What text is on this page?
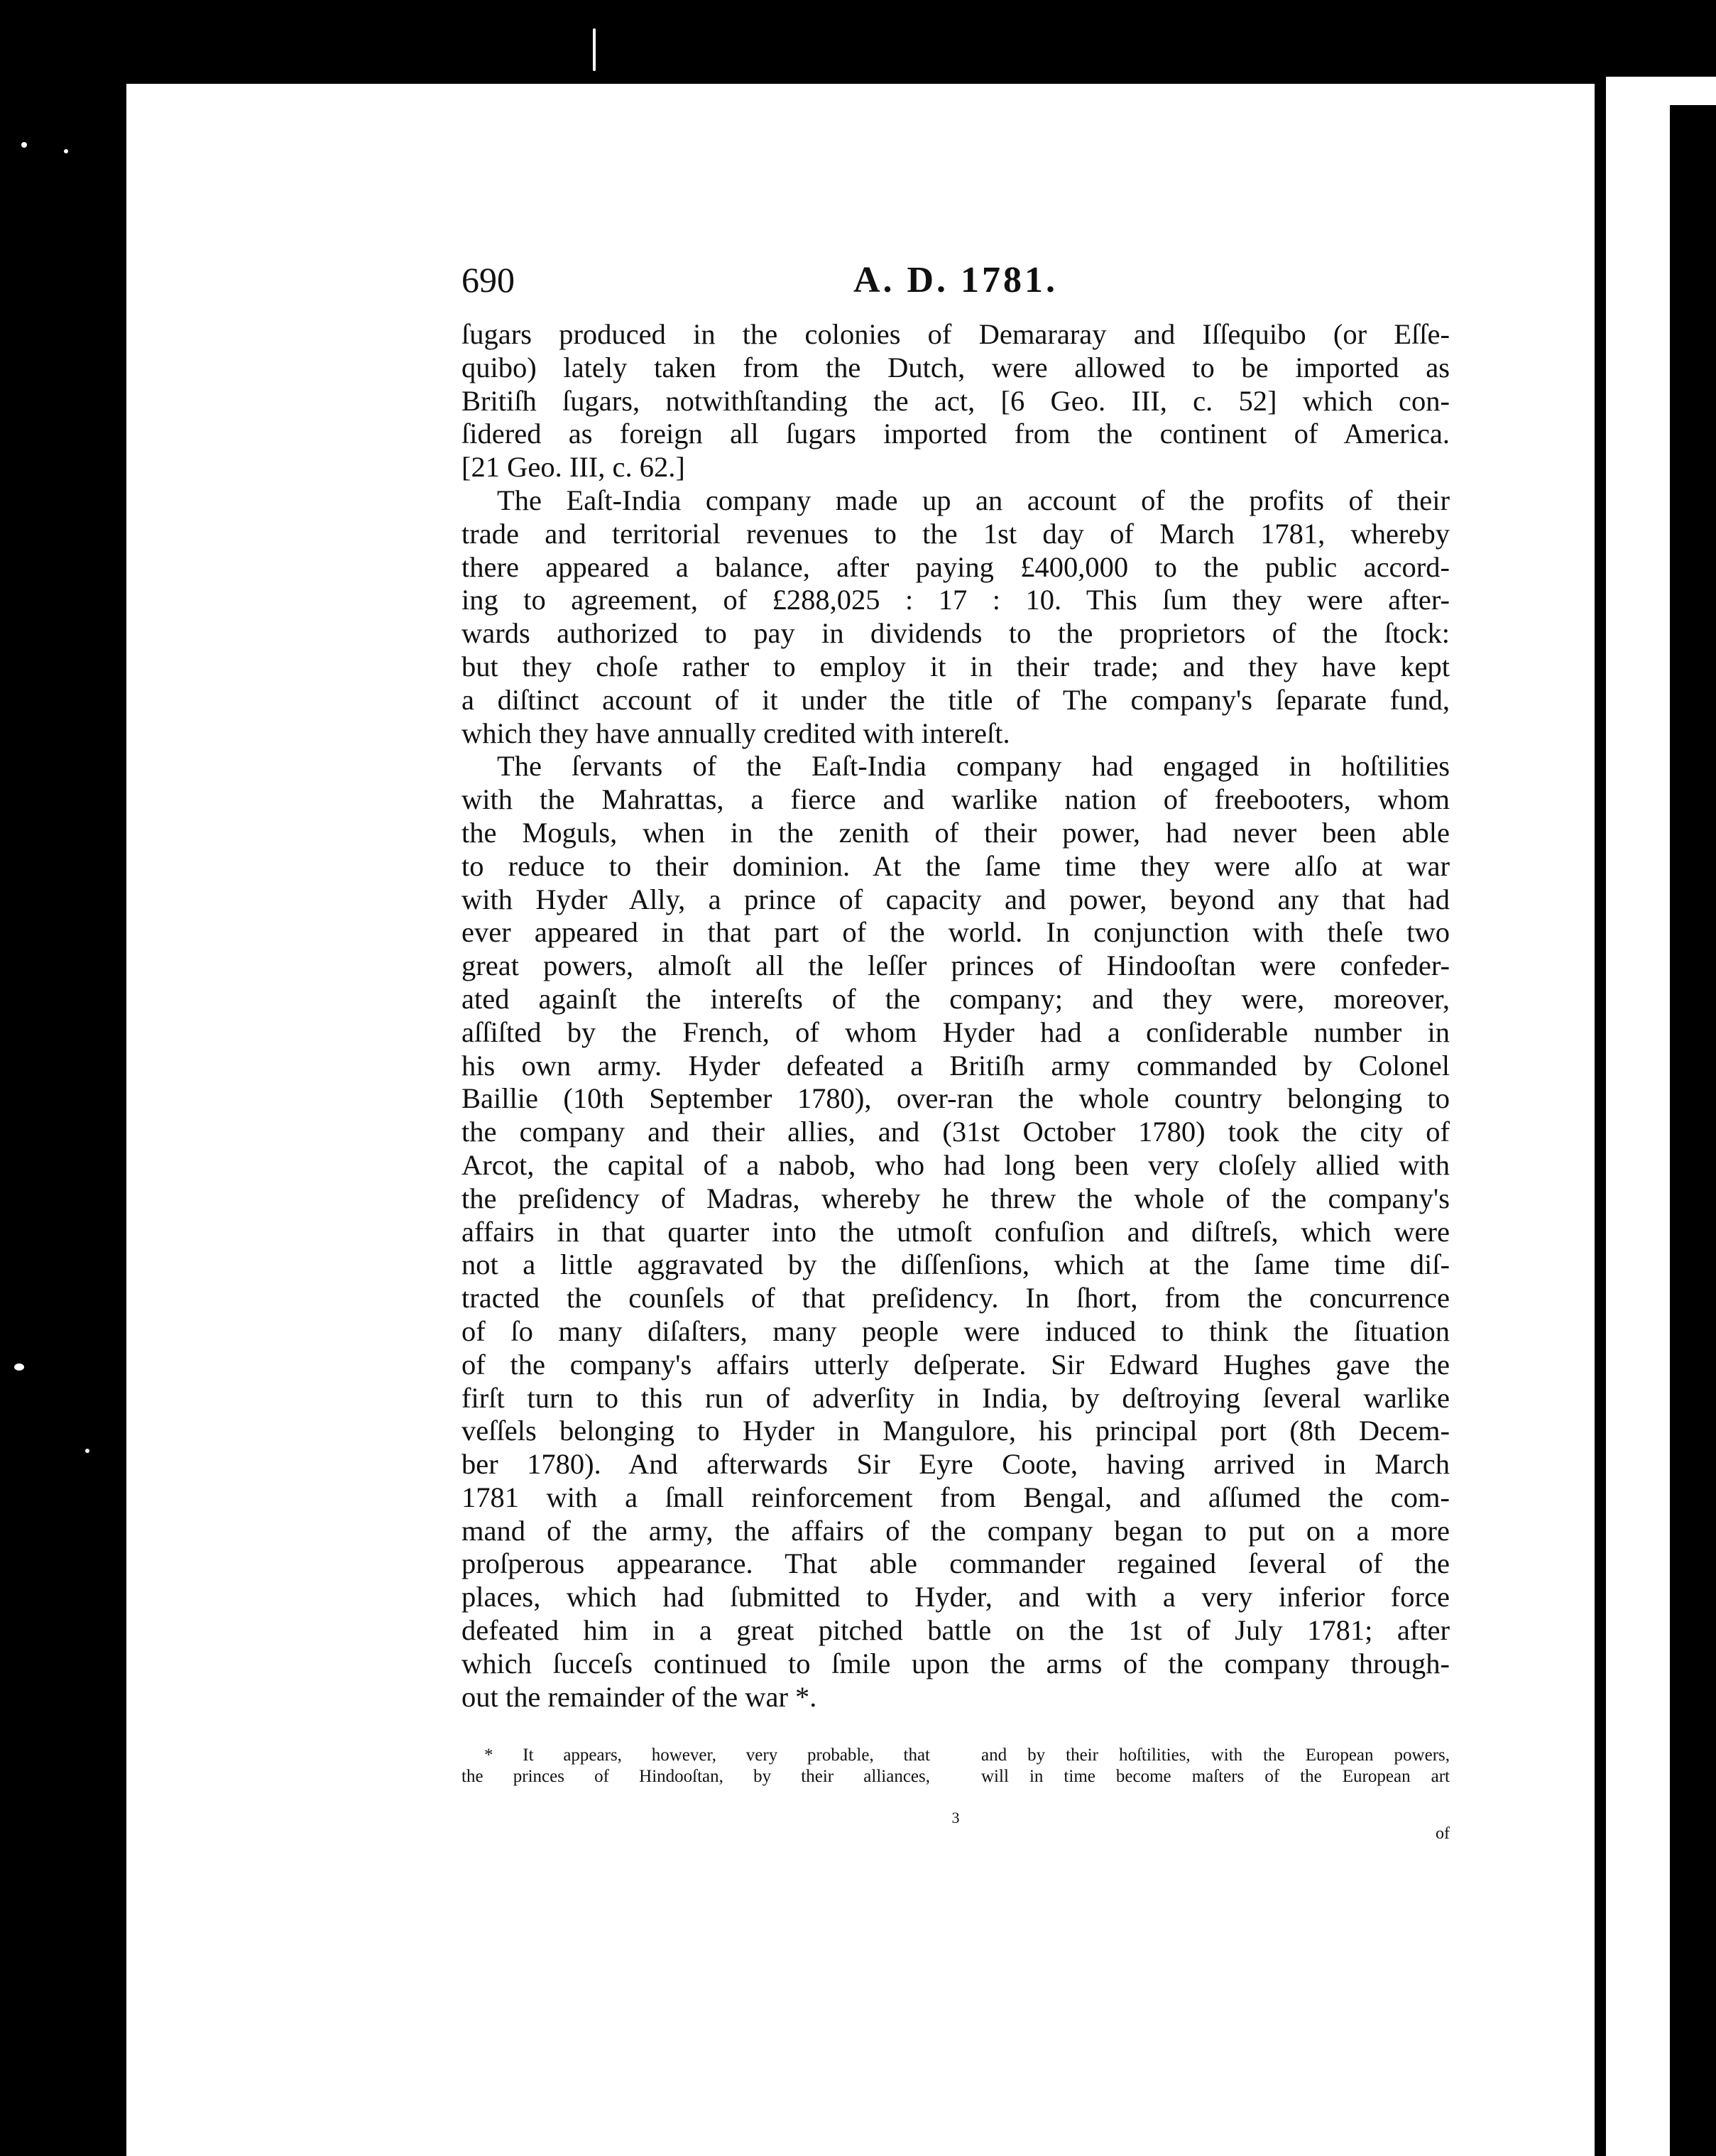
690	A. D. 1781.
ſugars produced in the colonies of Demararay and Iſſequibo (or Eſſe-
quibo) lately taken from the Dutch, were allowed to be imported as
Britiſh ſugars, notwithſtanding the act, [6 Geo. III, c. 52] which con-
ſidered as foreign all ſugars imported from the continent of America.
[21 Geo. III, c. 62.]
The Eaſt-India company made up an account of the profits of their
trade and territorial revenues to the 1st day of March 1781, whereby
there appeared a balance, after paying £400,000 to the public accord-
ing to agreement, of £288,025 : 17 : 10. This ſum they were after-
wards authorized to pay in dividends to the proprietors of the ſtock:
but they choſe rather to employ it in their trade; and they have kept
a diſtinct account of it under the title of The company's ſeparate fund,
which they have annually credited with intereſt.
The ſervants of the Eaſt-India company had engaged in hoſtilities
with the Mahrattas, a fierce and warlike nation of freebooters, whom
the Moguls, when in the zenith of their power, had never been able
to reduce to their dominion. At the ſame time they were alſo at war
with Hyder Ally, a prince of capacity and power, beyond any that had
ever appeared in that part of the world. In conjunction with theſe two
great powers, almoſt all the leſſer princes of Hindooſtan were confeder-
ated againſt the intereſts of the company; and they were, moreover,
aſſiſted by the French, of whom Hyder had a conſiderable number in
his own army. Hyder defeated a Britiſh army commanded by Colonel
Baillie (10th September 1780), over-ran the whole country belonging to
the company and their allies, and (31st October 1780) took the city of
Arcot, the capital of a nabob, who had long been very cloſely allied with
the preſidency of Madras, whereby he threw the whole of the company's
affairs in that quarter into the utmoſt confuſion and diſtreſs, which were
not a little aggravated by the diſſenſions, which at the ſame time diſ-
tracted the counſels of that preſidency. In ſhort, from the concurrence
of ſo many diſaſters, many people were induced to think the ſituation
of the company's affairs utterly deſperate. Sir Edward Hughes gave the
firſt turn to this run of adverſity in India, by deſtroying ſeveral warlike
veſſels belonging to Hyder in Mangulore, his principal port (8th Decem-
ber 1780). And afterwards Sir Eyre Coote, having arrived in March
1781 with a ſmall reinforcement from Bengal, and aſſumed the com-
mand of the army, the affairs of the company began to put on a more
proſperous appearance. That able commander regained ſeveral of the
places, which had ſubmitted to Hyder, and with a very inferior force
defeated him in a great pitched battle on the 1st of July 1781; after
which ſucceſs continued to ſmile upon the arms of the company through-
out the remainder of the war *.
* It appears, however, very probable, that
the princes of Hindooſtan, by their alliances,
and by their hoſtilities, with the European powers,
will in time become maſters of the European art
3
of
